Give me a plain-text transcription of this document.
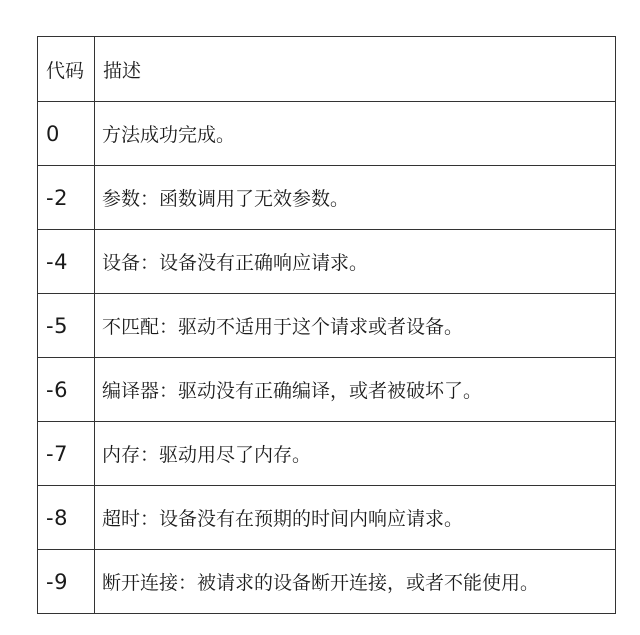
代码	描述
0	方法成功完成。
-2	参数：函数调用了无效参数。
-4	设备：设备没有正确响应请求。
-5	不匹配：驱动不适用于这个请求或者设备。
-6	编译器：驱动没有正确编译，或者被破坏了。
-7	内存：驱动用尽了内存。
-8	超时：设备没有在预期的时间内响应请求。
-9	断开连接：被请求的设备断开连接，或者不能使用。
